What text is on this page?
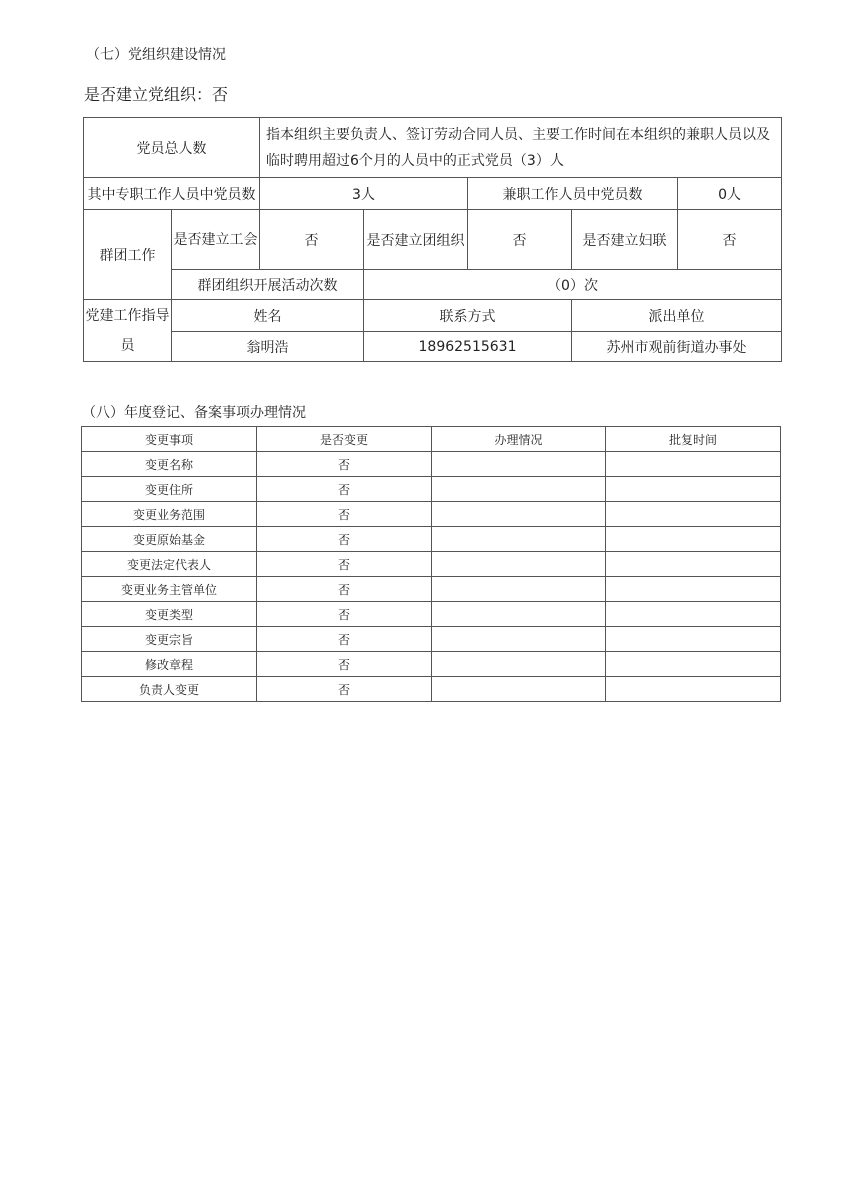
（七）党组织建设情况
是否建立党组织：否
党员总人数		指本组织主要负责人、签订劳动合同人员、主要工作时间在本组织的兼职人员以及临时聘用超过6个月的人员中的正式党员（3）人				
其中专职工作人员中党员数		3人		兼职工作人员中党员数		0人
群团工作	是否建立工会	否	是否建立团组织	否	是否建立妇联	否
	群团组织开展活动次数		（0）次			
党建工作指导员	姓名		联系方式		派出单位	
	翁明浩		18962515631		苏州市观前街道办事处	
（八）年度登记、备案事项办理情况
变更事项	是否变更	办理情况	批复时间
变更名称	否		
变更住所	否		
变更业务范围	否		
变更原始基金	否		
变更法定代表人	否		
变更业务主管单位	否		
变更类型	否		
变更宗旨	否		
修改章程	否		
负责人变更	否		
